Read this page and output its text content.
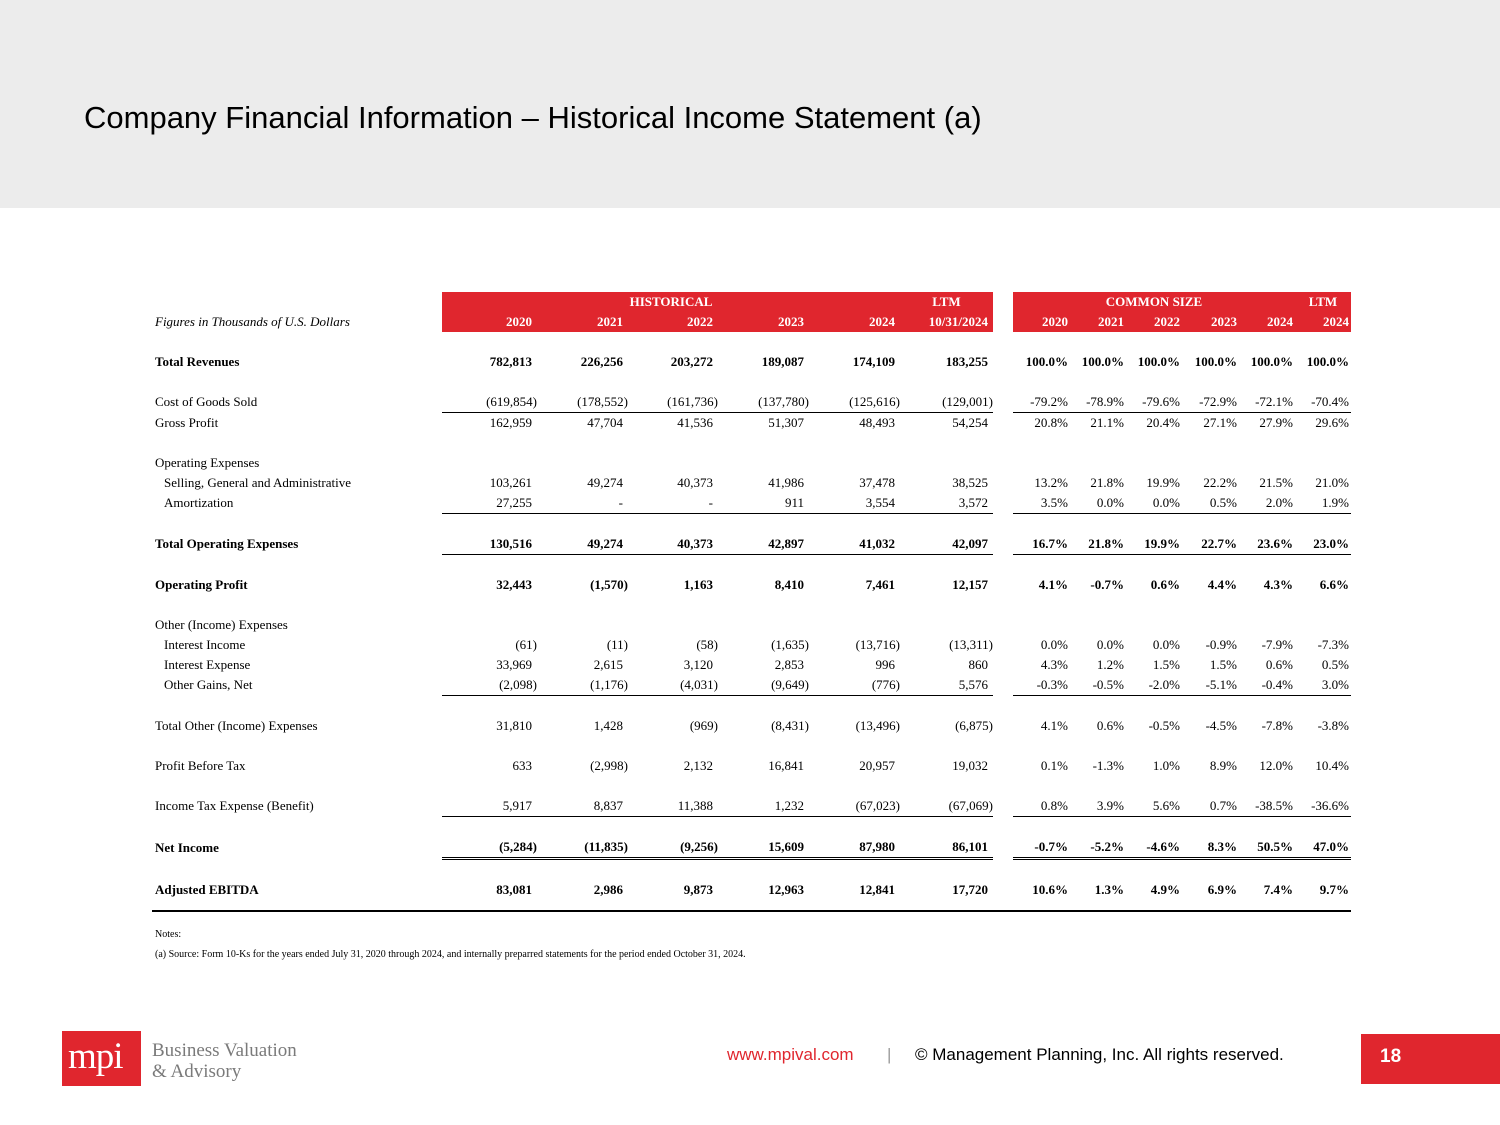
Company Financial Information – Historical Income Statement (a)
	HISTORICAL					LTM		COMMON SIZE					LTM
Figures in Thousands of U.S. Dollars	2020	2021	2022	2023	2024	10/31/2024		2020	2021	2022	2023	2024	2024

Total Revenues	782,813	226,256	203,272	189,087	174,109	183,255		100.0%	100.0%	100.0%	100.0%	100.0%	100.0%

Cost of Goods Sold	(619,854)	(178,552)	(161,736)	(137,780)	(125,616)	(129,001)		-79.2%	-78.9%	-79.6%	-72.9%	-72.1%	-70.4%
Gross Profit	162,959	47,704	41,536	51,307	48,493	54,254		20.8%	21.1%	20.4%	27.1%	27.9%	29.6%

Operating Expenses													
Selling, General and Administrative	103,261	49,274	40,373	41,986	37,478	38,525		13.2%	21.8%	19.9%	22.2%	21.5%	21.0%
Amortization	27,255	-	-	911	3,554	3,572		3.5%	0.0%	0.0%	0.5%	2.0%	1.9%

Total Operating Expenses	130,516	49,274	40,373	42,897	41,032	42,097		16.7%	21.8%	19.9%	22.7%	23.6%	23.0%

Operating Profit	32,443	(1,570)	1,163	8,410	7,461	12,157		4.1%	-0.7%	0.6%	4.4%	4.3%	6.6%

Other (Income) Expenses													
Interest Income	(61)	(11)	(58)	(1,635)	(13,716)	(13,311)		0.0%	0.0%	0.0%	-0.9%	-7.9%	-7.3%
Interest Expense	33,969	2,615	3,120	2,853	996	860		4.3%	1.2%	1.5%	1.5%	0.6%	0.5%
Other Gains, Net	(2,098)	(1,176)	(4,031)	(9,649)	(776)	5,576		-0.3%	-0.5%	-2.0%	-5.1%	-0.4%	3.0%

Total Other (Income) Expenses	31,810	1,428	(969)	(8,431)	(13,496)	(6,875)		4.1%	0.6%	-0.5%	-4.5%	-7.8%	-3.8%

Profit Before Tax	633	(2,998)	2,132	16,841	20,957	19,032		0.1%	-1.3%	1.0%	8.9%	12.0%	10.4%

Income Tax Expense (Benefit)	5,917	8,837	11,388	1,232	(67,023)	(67,069)		0.8%	3.9%	5.6%	0.7%	-38.5%	-36.6%

Net Income	(5,284)	(11,835)	(9,256)	15,609	87,980	86,101		-0.7%	-5.2%	-4.6%	8.3%	50.5%	47.0%

Adjusted EBITDA	83,081	2,986	9,873	12,963	12,841	17,720		10.6%	1.3%	4.9%	6.9%	7.4%	9.7%

Notes:
(a) Source: Form 10-Ks for the years ended July 31, 2020 through 2024, and internally preparred statements for the period ended October 31, 2024.
mpi Business Valuation
& Advisory
www.mpival.com | © Management Planning, Inc. All rights reserved.	18
